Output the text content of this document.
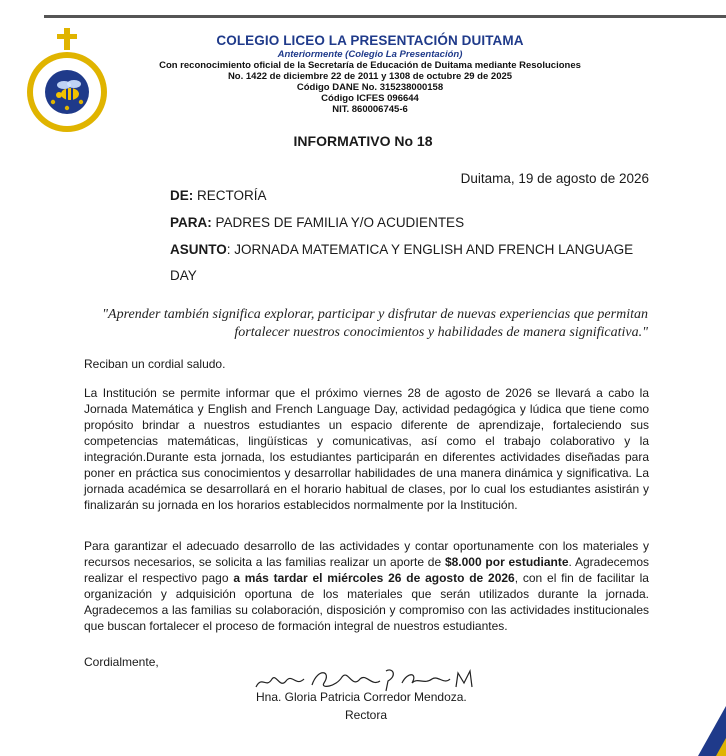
COLEGIO LICEO LA PRESENTACIÓN DUITAMA
Anteriormente (Colegio La Presentación)
Con reconocimiento oficial de la Secretaría de Educación de Duitama mediante Resoluciones
No. 1422 de diciembre 22 de 2011 y 1308 de octubre 29 de 2025
Código DANE No. 315238000158
Código ICFES 096644
NIT. 860006745-6
INFORMATIVO No 18
Duitama, 19 de agosto de 2026
DE: RECTORÍA
PARA: PADRES DE FAMILIA Y/O ACUDIENTES
ASUNTO: JORNADA MATEMATICA Y ENGLISH AND FRENCH LANGUAGE
DAY
"Aprender también significa explorar, participar y disfrutar de nuevas experiencias que permitan fortalecer nuestros conocimientos y habilidades de manera significativa."
Reciban un cordial saludo.

La Institución se permite informar que el próximo viernes 28 de agosto de 2026 se llevará a cabo la Jornada Matemática y English and French Language Day, actividad pedagógica y lúdica que tiene como propósito brindar a nuestros estudiantes un espacio diferente de aprendizaje, fortaleciendo sus competencias matemáticas, lingüísticas y comunicativas, así como el trabajo colaborativo y la integración.Durante esta jornada, los estudiantes participarán en diferentes actividades diseñadas para poner en práctica sus conocimientos y desarrollar habilidades de una manera dinámica y significativa. La jornada académica se desarrollará en el horario habitual de clases, por lo cual los estudiantes asistirán y finalizarán su jornada en los horarios establecidos normalmente por la Institución.

Para garantizar el adecuado desarrollo de las actividades y contar oportunamente con los materiales y recursos necesarios, se solicita a las familias realizar un aporte de $8.000 por estudiante. Agradecemos realizar el respectivo pago a más tardar el miércoles 26 de agosto de 2026, con el fin de facilitar la organización y adquisición oportuna de los materiales que serán utilizados durante la jornada. Agradecemos a las familias su colaboración, disposición y compromiso con las actividades institucionales que buscan fortalecer el proceso de formación integral de nuestros estudiantes.

Cordialmente,
Hna. Gloria Patricia Corredor Mendoza.
Rectora
